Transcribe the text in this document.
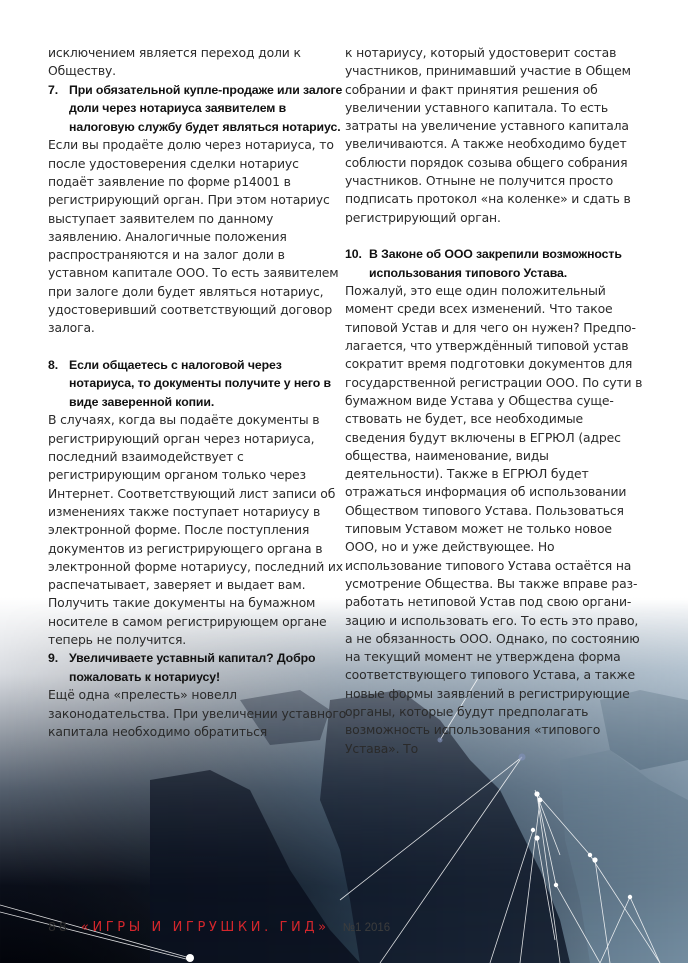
исключением является переход доли к Обществу.

7. При обязательной купле-продаже или залоге доли через нотариуса заявителем в налоговую службу будет являться нотариус.

Если вы продаёте долю через нотариуса, то после удостоверения сделки нотариус подаёт заявление по форме р14001 в регистрирующий орган. При этом нотариус выступает заявителем по данному заявлению. Аналогичные положения распространяются и на залог доли в уставном капитале ООО. То есть заявителем при залоге доли будет являться нотариус, удостоверивший соответствующий договор залога.

8. Если общаетесь с налоговой через нотариуса, то документы получите у него в виде заверенной копии.

В случаях, когда вы подаёте документы в регистрирующий орган через нотариуса, последний взаимодействует с регистрирующим органом только через Интернет. Соответствующий лист записи об изменениях также поступает нотариусу в электронной форме. После поступления документов из регистрирующего органа в электронной форме нотариусу, последний их распечатывает, заверяет и выдает вам. Получить такие документы на бумажном носителе в самом регистрирующем органе теперь не получится.

9. Увеличиваете уставный капитал? Добро пожаловать к нотариусу!

Ещё одна «прелесть» новелл законодательства. При увеличении уставного капитала необходимо обратиться

к нотариусу, который удостоверит состав участников, принимавший участие в Общем собрании и факт принятия решения об увеличении уставного капитала. То есть затраты на увеличение уставного капитала увеличиваются. А также необходимо будет соблюсти порядок созыва общего собрания участников. Отныне не получится просто подписать протокол «на коленке» и сдать в регистрирующий орган.

10. В Законе об ООО закрепили возможность использования типового Устава.

Пожалуй, это еще один положительный момент среди всех изменений. Что такое типовой Устав и для чего он нужен? Предполагается, что утверждённый типовой устав сократит время подготовки документов для государственной регистрации ООО. По сути в бумажном виде Устава у Общества существовать не будет, все необходимые сведения будут включены в ЕГРЮЛ (адрес общества, наименование, виды деятельности). Также в ЕГРЮЛ будет отражаться информация об использовании Обществом типового Устава. Пользоваться типовым Уставом может не только новое ООО, но и уже действующее. Но использование типового Устава остаётся на усмотрение Общества. Вы также вправе разработать нетиповой Устав под свою организацию и использовать его. То есть это право, а не обязанность ООО. Однако, по состоянию на текущий момент не утверждена форма соответствующего типового Устава, а также новые формы заявлений в регистрирующие органы, которые будут предполагать возможность использования «типового Устава». То

88 «ИГРЫ И ИГРУШКИ. ГИД» №1 2016
